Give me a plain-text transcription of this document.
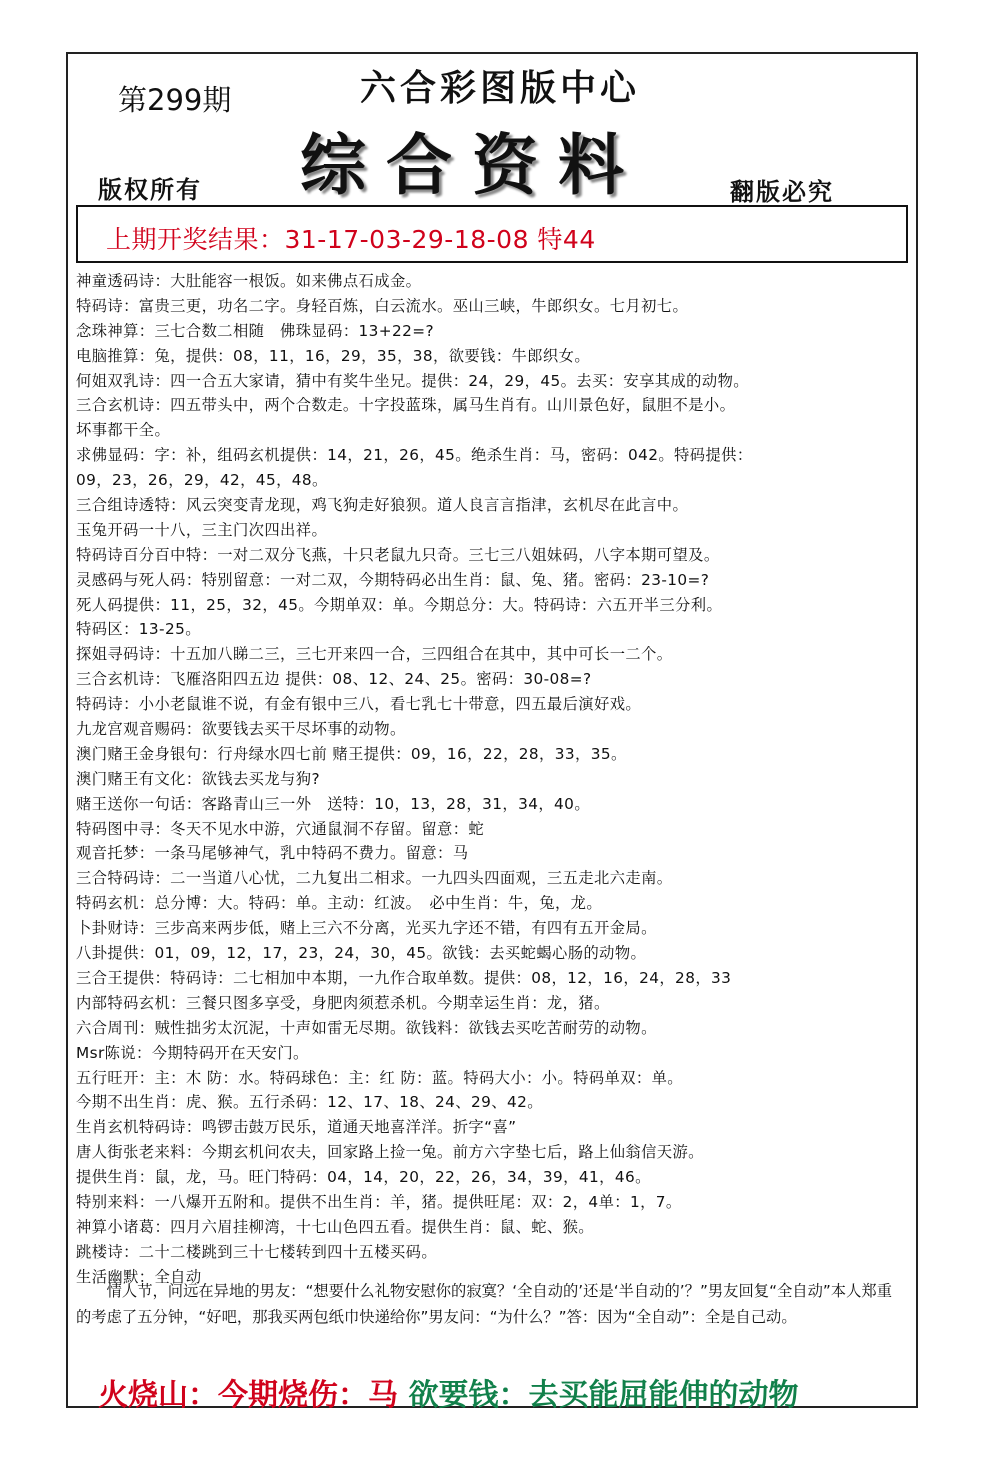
第299期	六合彩图版中心
综合资料
版权所有	翻版必究
上期开奖结果：31-17-03-29-18-08 特44
神童透码诗：大肚能容一根饭。如来佛点石成金。
特码诗：富贵三更，功名二字。身轻百炼，白云流水。巫山三峡，牛郎织女。七月初七。
念珠神算：三七合数二相随　佛珠显码：13+22=?
电脑推算：兔，提供：08，11，16，29，35，38，欲要钱：牛郎织女。
何姐双乳诗：四一合五大家请，猜中有奖牛坐兄。提供：24，29，45。去买：安享其成的动物。
三合玄机诗：四五带头中，两个合数走。十字投蓝珠，属马生肖有。山川景色好，鼠胆不是小。
坏事都干全。
求佛显码：字：补，组码玄机提供：14，21，26，45。绝杀生肖：马，密码：042。特码提供：
09，23，26，29，42，45，48。
三合组诗透特：风云突变青龙现，鸡飞狗走好狼狈。道人良言言指津，玄机尽在此言中。
玉兔开码一十八，三主门次四出祥。
特码诗百分百中特：一对二双分飞燕，十只老鼠九只奇。三七三八姐妹码，八字本期可望及。
灵感码与死人码：特别留意：一对二双，今期特码必出生肖：鼠、兔、猪。密码：23-10=?
死人码提供：11，25，32，45。今期单双：单。今期总分：大。特码诗：六五开半三分利。
特码区：13-25。
探姐寻码诗：十五加八睇二三，三七开来四一合，三四组合在其中，其中可长一二个。
三合玄机诗：飞雁洛阳四五边 提供：08、12、24、25。密码：30-08=?
特码诗：小小老鼠谁不说，有金有银中三八，看七乳七十带意，四五最后演好戏。
九龙宫观音赐码：欲要钱去买干尽坏事的动物。
澳门赌王金身银句：行舟绿水四七前 赌王提供：09，16，22，28，33，35。
澳门赌王有文化：欲钱去买龙与狗?
赌王送你一句话：客路青山三一外　送特：10，13，28，31，34，40。
特码图中寻：冬天不见水中游，穴通鼠洞不存留。留意：蛇
观音托梦：一条马尾够神气，乳中特码不费力。留意：马
三合特码诗：二一当道八心忧，二九复出二相求。一九四头四面观，三五走北六走南。
特码玄机：总分博：大。特码：单。主动：红波。　必中生肖：牛，兔，龙。
卜卦财诗：三步高来两步低，赌上三六不分离，光买九字还不错，有四有五开金局。
八卦提供：01，09，12，17，23，24，30，45。欲钱：去买蛇蝎心肠的动物。
三合王提供：特码诗：二七相加中本期，一九作合取单数。提供：08，12，16，24，28，33
内部特码玄机：三餐只图多享受，身肥肉须惹杀机。今期幸运生肖：龙，猪。
六合周刊：贼性拙劣太沉泥，十声如雷无尽期。欲钱料：欲钱去买吃苦耐劳的动物。
Msr陈说：今期特码开在天安门。
五行旺开：主：木 防：水。特码球色：主：红 防：蓝。特码大小：小。特码单双：单。
今期不出生肖：虎、猴。五行杀码：12、17、18、24、29、42。
生肖玄机特码诗：鸣锣击鼓万民乐，道通天地喜洋洋。折字“喜”
唐人街张老来料：今期玄机问农夫，回家路上捡一兔。前方六字垫七后，路上仙翁信天游。
提供生肖：鼠，龙，马。旺门特码：04，14，20，22，26，34，39，41，46。
特别来料：一八爆开五附和。提供不出生肖：羊，猪。提供旺尾：双：2，4单：1，7。
神算小诸葛：四月六眉挂柳湾，十七山色四五看。提供生肖：鼠、蛇、猴。
跳楼诗：二十二楼跳到三十七楼转到四十五楼买码。
生活幽默：全自动

情人节，问远在异地的男友：“想要什么礼物安慰你的寂寞？‘全自动的’还是‘半自动的’？”男友回复“全自动”本人郑重的考虑了五分钟，“好吧，那我买两包纸巾快递给你”男友问：“为什么？”答：因为“全自动”：全是自己动。

火烧山：今期烧伤：马 欲要钱：去买能屈能伸的动物
